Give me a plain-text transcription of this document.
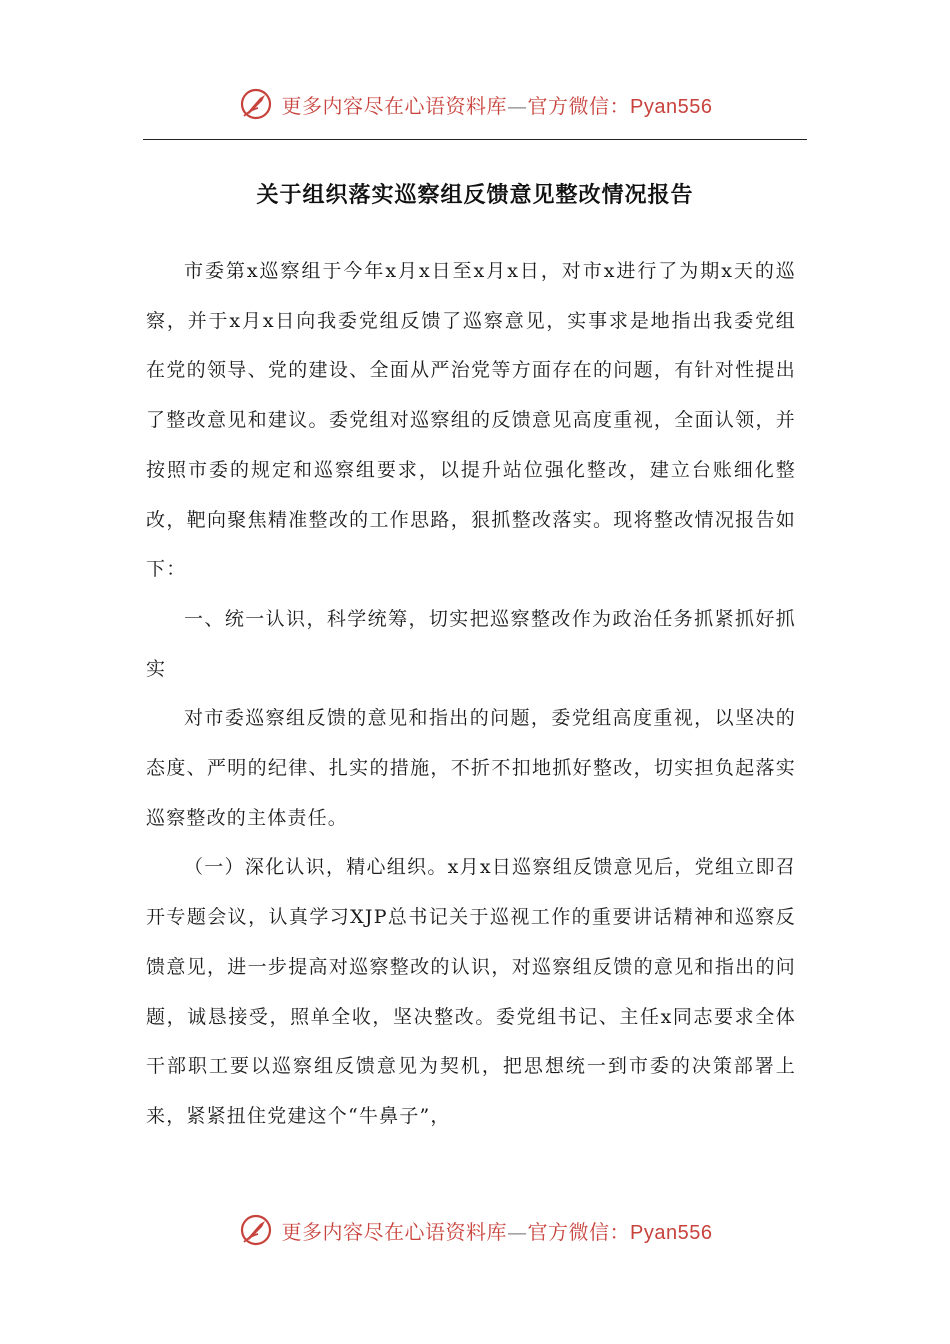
更多内容尽在心语资料库—官方微信：Pyan556
关于组织落实巡察组反馈意见整改情况报告

市委第x巡察组于今年x月x日至x月x日，对市x进行了为期x天的巡察，并于x月x日向我委党组反馈了巡察意见，实事求是地指出我委党组在党的领导、党的建设、全面从严治党等方面存在的问题，有针对性提出了整改意见和建议。委党组对巡察组的反馈意见高度重视，全面认领，并按照市委的规定和巡察组要求，以提升站位强化整改，建立台账细化整改，靶向聚焦精准整改的工作思路，狠抓整改落实。现将整改情况报告如下：

一、统一认识，科学统筹，切实把巡察整改作为政治任务抓紧抓好抓实

对市委巡察组反馈的意见和指出的问题，委党组高度重视，以坚决的态度、严明的纪律、扎实的措施，不折不扣地抓好整改，切实担负起落实巡察整改的主体责任。

（一）深化认识，精心组织。x月x日巡察组反馈意见后，党组立即召开专题会议，认真学习XJP总书记关于巡视工作的重要讲话精神和巡察反馈意见，进一步提高对巡察整改的认识，对巡察组反馈的意见和指出的问题，诚恳接受，照单全收，坚决整改。委党组书记、主任x同志要求全体干部职工要以巡察组反馈意见为契机，把思想统一到市委的决策部署上来，紧紧扭住党建这个“牛鼻子”，

更多内容尽在心语资料库—官方微信：Pyan556
